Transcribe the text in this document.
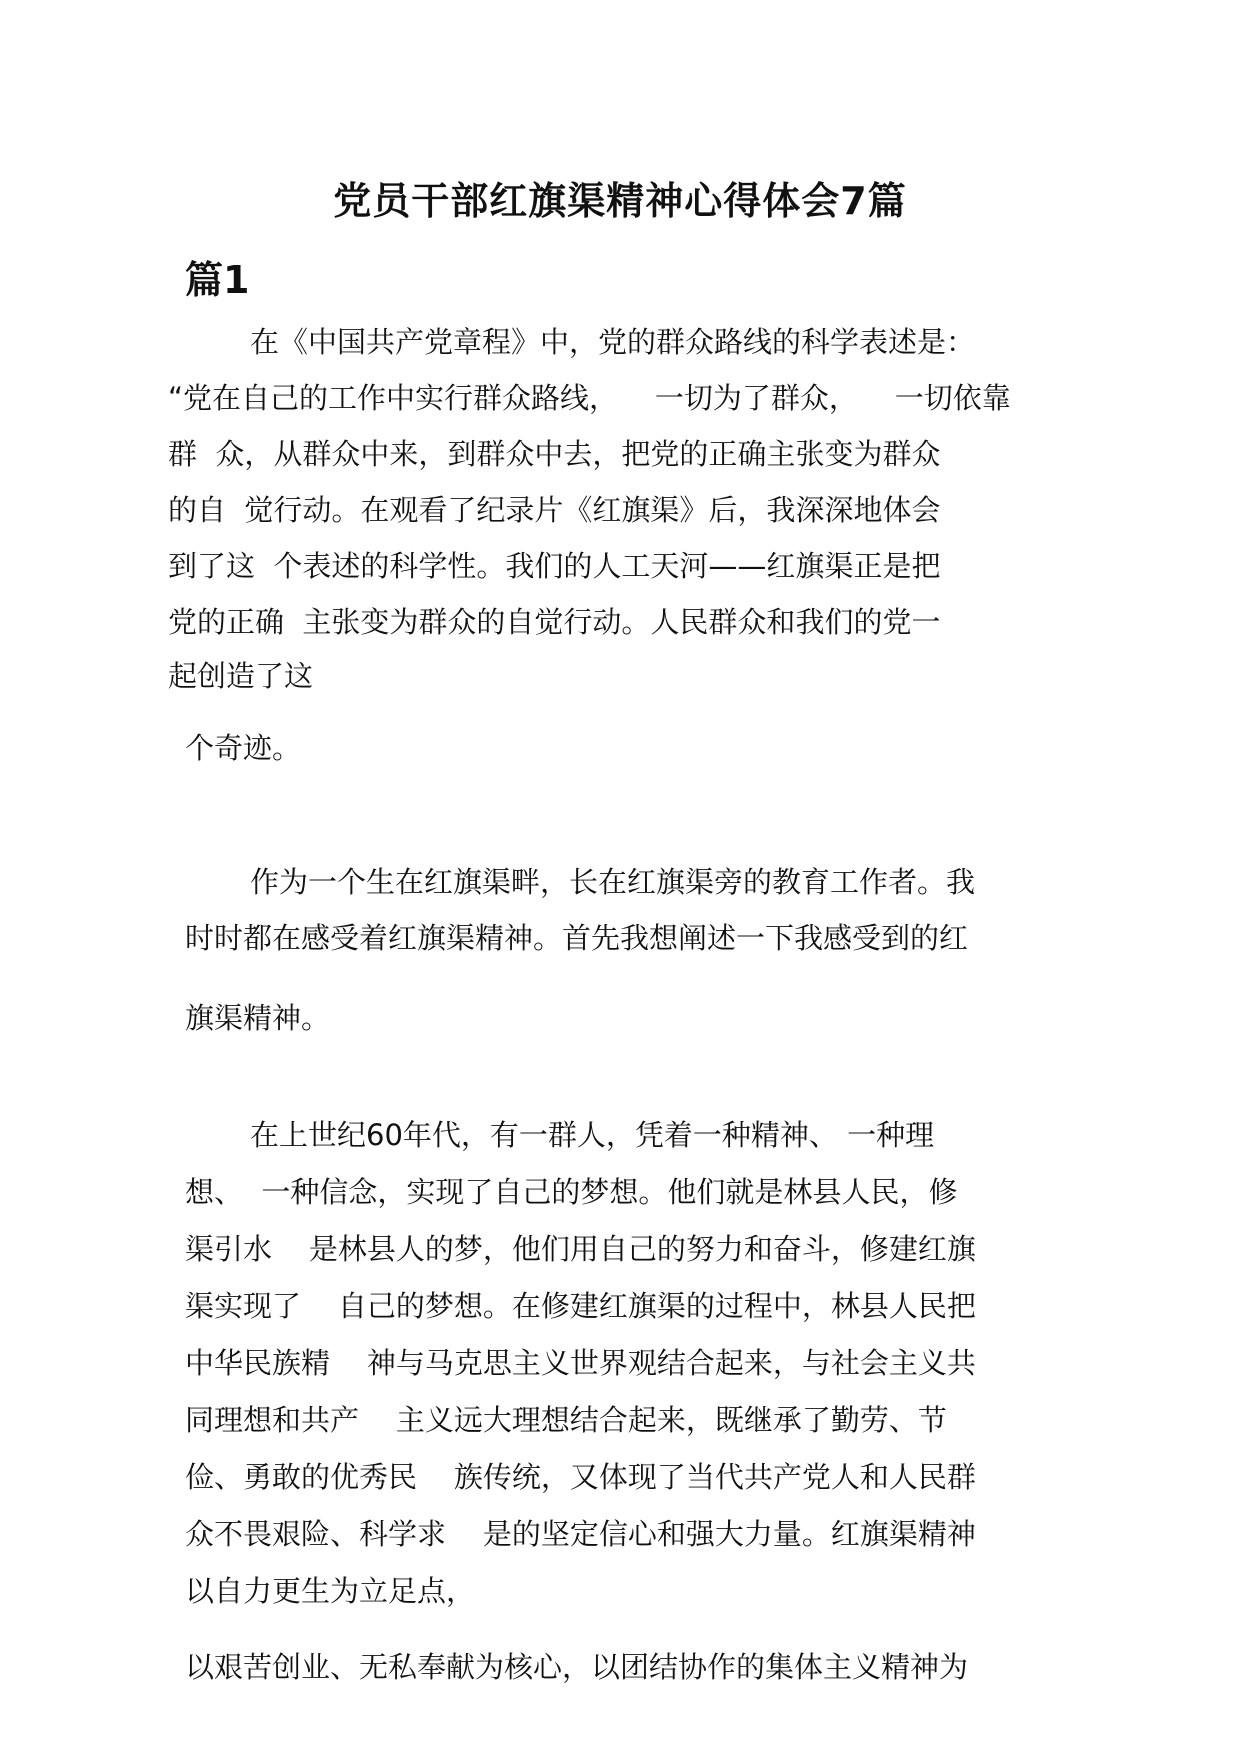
党员干部红旗渠精神心得体会7篇
篇1
在《中国共产党章程》中，党的群众路线的科学表述是：
“党在自己的工作中实行群众路线，    一切为了群众，    一切依靠
群  众，从群众中来，到群众中去，把党的正确主张变为群众
的自  觉行动。在观看了纪录片《红旗渠》后，我深深地体会
到了这  个表述的科学性。我们的人工天河——红旗渠正是把
党的正确  主张变为群众的自觉行动。人民群众和我们的党一
起创造了这
个奇迹。
作为一个生在红旗渠畔，长在红旗渠旁的教育工作者。我
时时都在感受着红旗渠精神。首先我想阐述一下我感受到的红
旗渠精神。
在上世纪60年代，有一群人，凭着一种精神、 一种理
想、  一种信念，实现了自己的梦想。他们就是林县人民，修
渠引水    是林县人的梦，他们用自己的努力和奋斗，修建红旗
渠实现了    自己的梦想。在修建红旗渠的过程中，林县人民把
中华民族精    神与马克思主义世界观结合起来，与社会主义共
同理想和共产    主义远大理想结合起来，既继承了勤劳、节
俭、勇敢的优秀民    族传统，又体现了当代共产党人和人民群
众不畏艰险、科学求    是的坚定信心和强大力量。红旗渠精神
以自力更生为立足点，
以艰苦创业、无私奉献为核心，以团结协作的集体主义精神为
